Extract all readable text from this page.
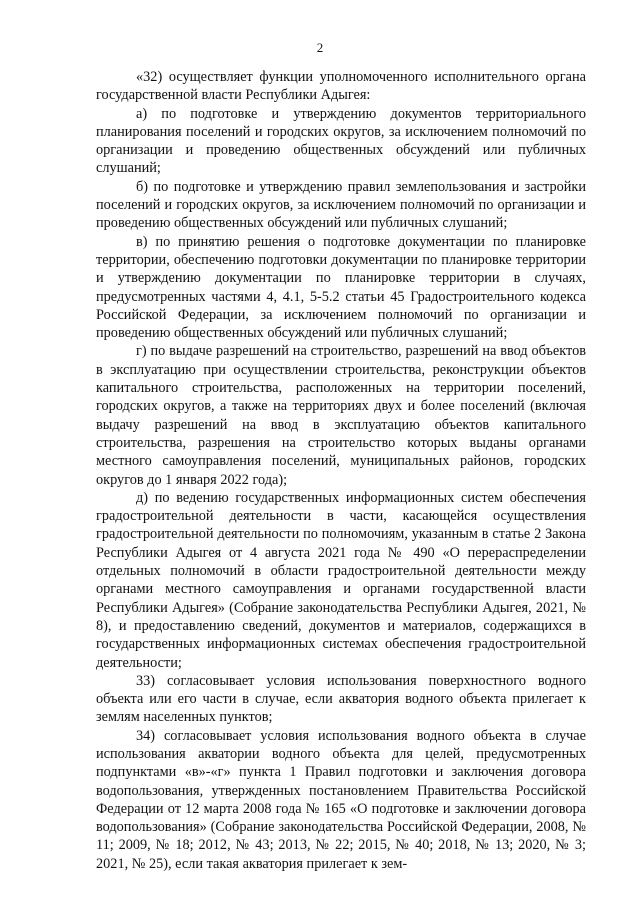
2

«32) осуществляет функции уполномоченного исполнительного органа государственной власти Республики Адыгея:

а) по подготовке и утверждению документов территориального планирования поселений и городских округов, за исключением полномочий по организации и проведению общественных обсуждений или публичных слушаний;

б) по подготовке и утверждению правил землепользования и застройки поселений и городских округов, за исключением полномочий по организации и проведению общественных обсуждений или публичных слушаний;

в) по принятию решения о подготовке документации по планировке территории, обеспечению подготовки документации по планировке территории и утверждению документации по планировке территории в случаях, предусмотренных частями 4, 4.1, 5-5.2 статьи 45 Градостроительного кодекса Российской Федерации, за исключением полномочий по организации и проведению общественных обсуждений или публичных слушаний;

г) по выдаче разрешений на строительство, разрешений на ввод объектов в эксплуатацию при осуществлении строительства, реконструкции объектов капитального строительства, расположенных на территории поселений, городских округов, а также на территориях двух и более поселений (включая выдачу разрешений на ввод в эксплуатацию объектов капитального строительства, разрешения на строительство которых выданы органами местного самоуправления поселений, муниципальных районов, городских округов до 1 января 2022 года);

д) по ведению государственных информационных систем обеспечения градостроительной деятельности в части, касающейся осуществления градостроительной деятельности по полномочиям, указанным в статье 2 Закона Республики Адыгея от 4 августа 2021 года № 490 «О перераспределении отдельных полномочий в области градостроительной деятельности между органами местного самоуправления и органами государственной власти Республики Адыгея» (Собрание законодательства Республики Адыгея, 2021, № 8), и предоставлению сведений, документов и материалов, содержащихся в государственных информационных системах обеспечения градостроительной деятельности;

33) согласовывает условия использования поверхностного водного объекта или его части в случае, если акватория водного объекта прилегает к землям населенных пунктов;

34) согласовывает условия использования водного объекта в случае использования акватории водного объекта для целей, предусмотренных подпунктами «в»-«г» пункта 1 Правил подготовки и заключения договора водопользования, утвержденных постановлением Правительства Российской Федерации от 12 марта 2008 года № 165 «О подготовке и заключении договора водопользования» (Собрание законодательства Российской Федерации, 2008, № 11; 2009, № 18; 2012, № 43; 2013, № 22; 2015, № 40; 2018, № 13; 2020, № 3; 2021, № 25), если такая акватория прилегает к зем-
